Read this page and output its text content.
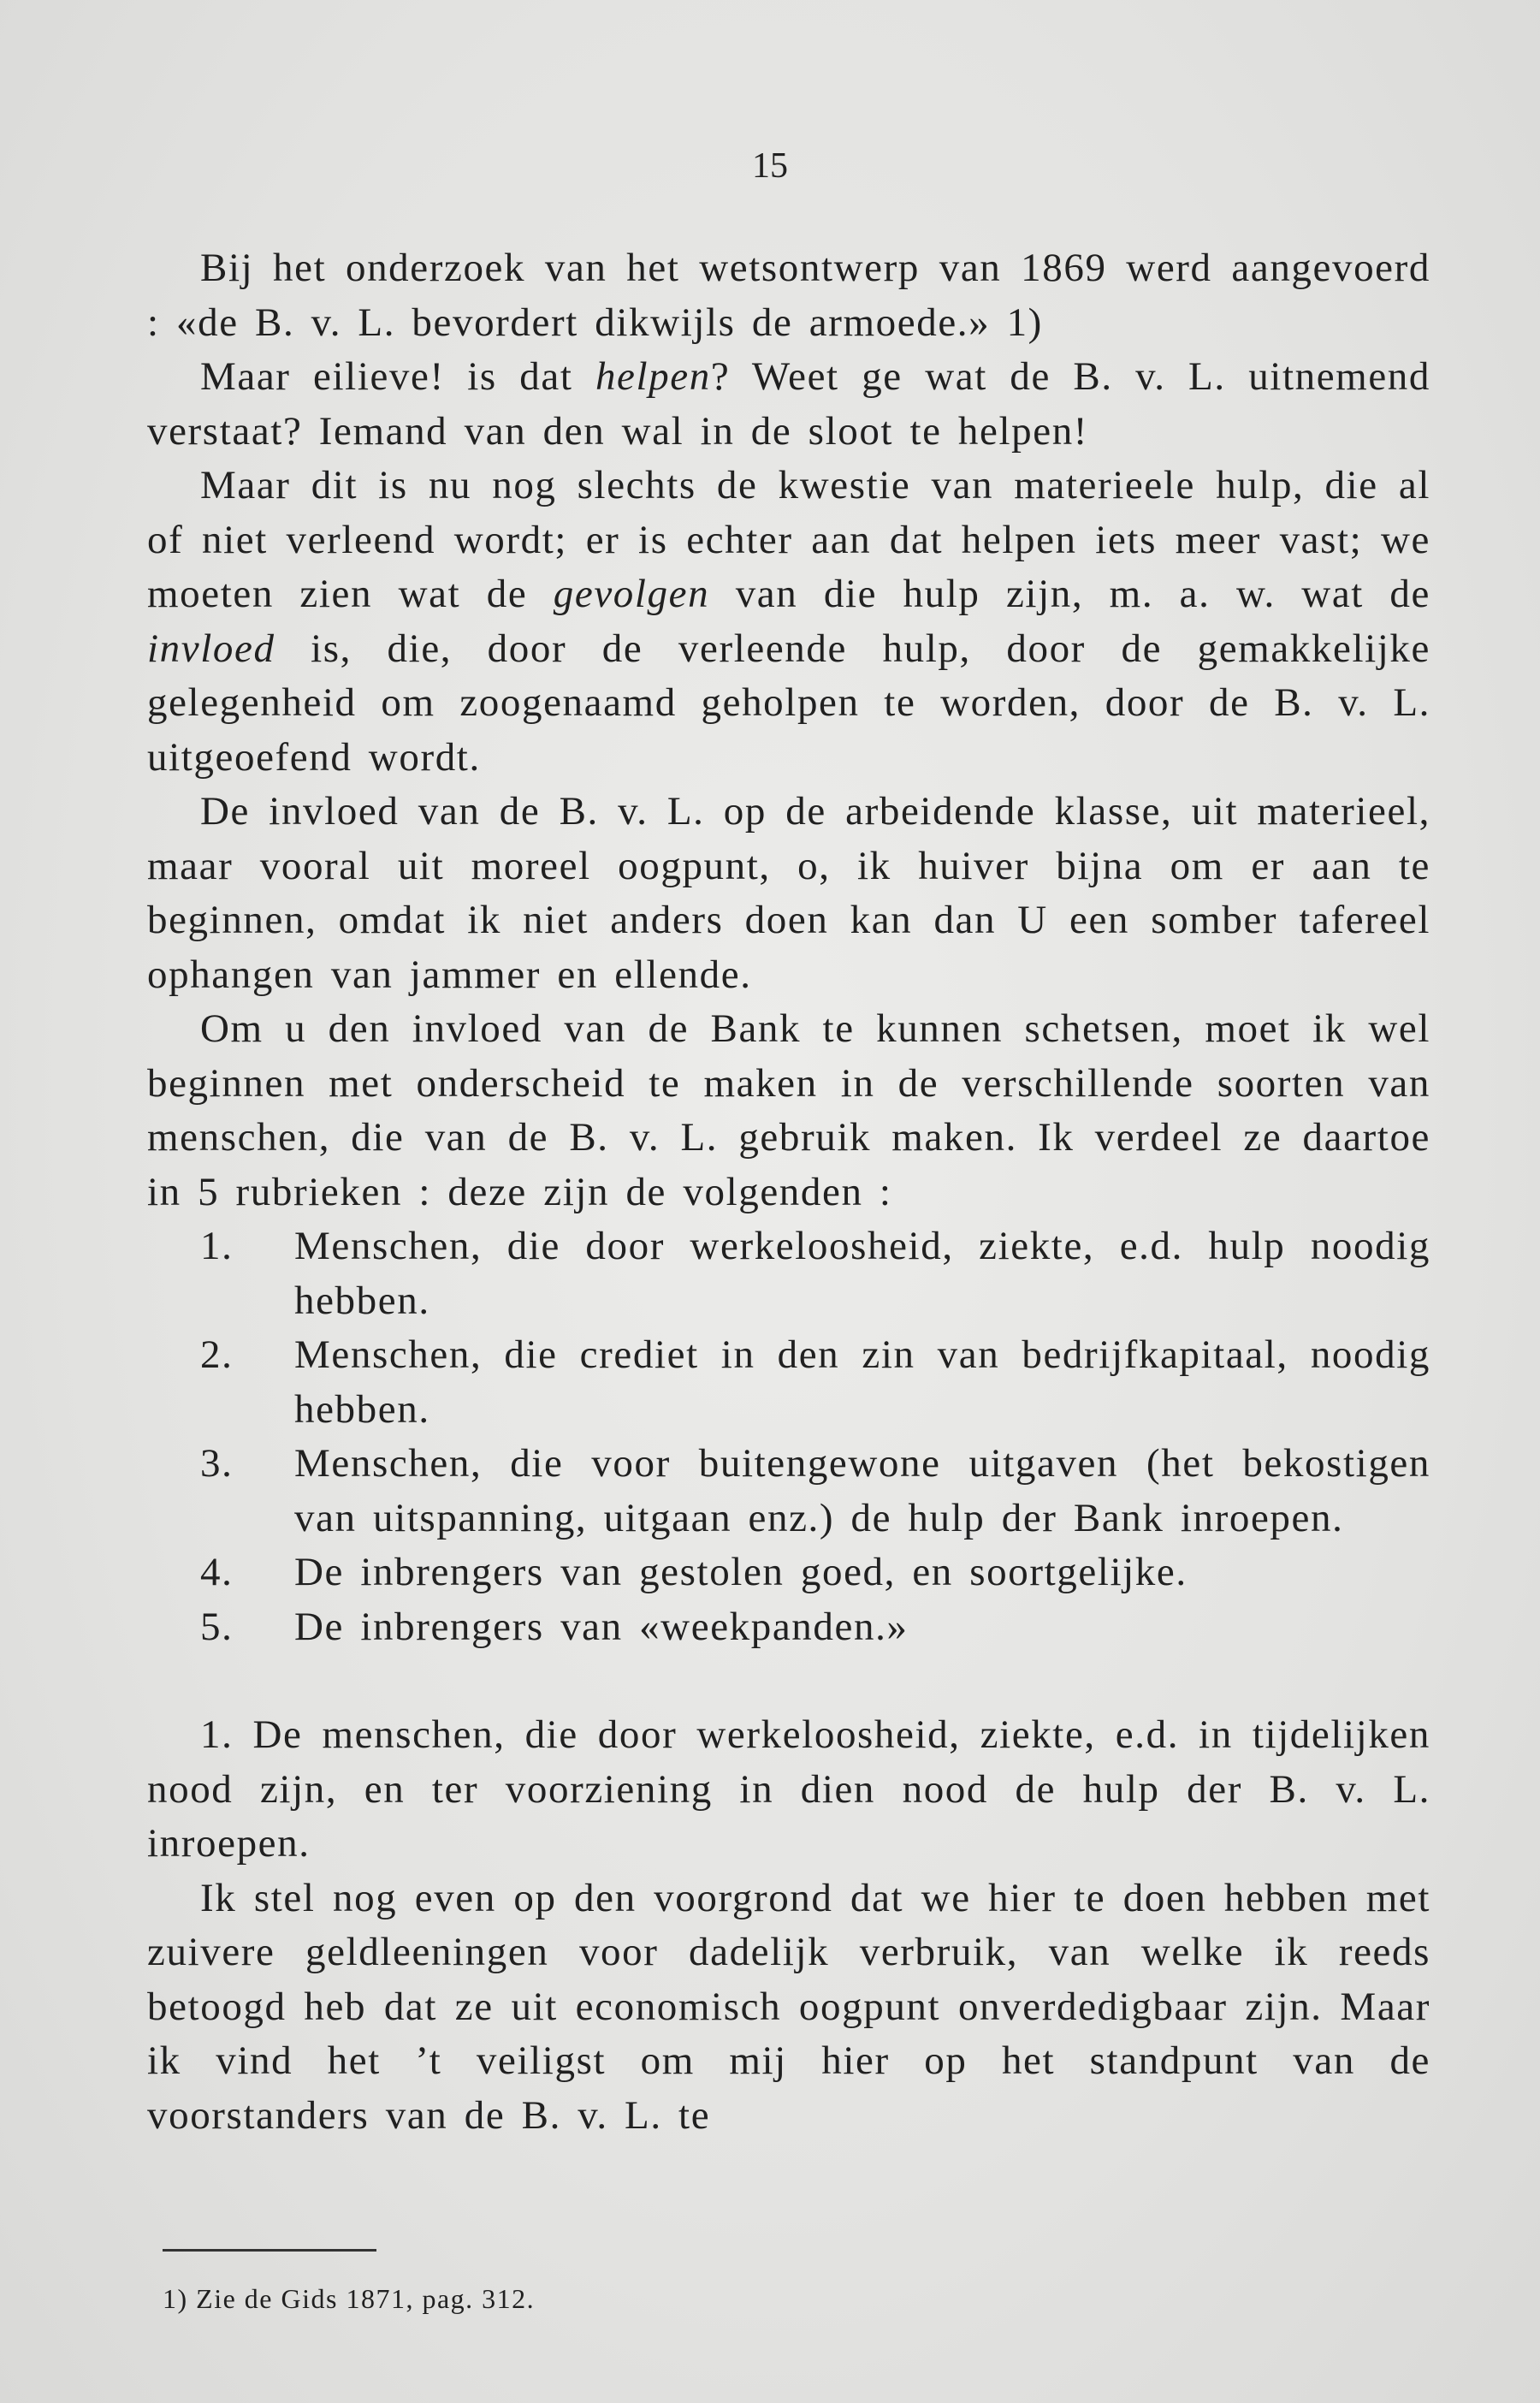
15

Bij het onderzoek van het wetsontwerp van 1869 werd aangevoerd : «de B. v. L. bevordert dikwijls de armoede.» 1)

Maar eilieve! is dat helpen? Weet ge wat de B. v. L. uitnemend verstaat? Iemand van den wal in de sloot te helpen!

Maar dit is nu nog slechts de kwestie van materieele hulp, die al of niet verleend wordt; er is echter aan dat helpen iets meer vast; we moeten zien wat de gevolgen van die hulp zijn, m. a. w. wat de invloed is, die, door de verleende hulp, door de gemakkelijke gelegenheid om zoogenaamd geholpen te worden, door de B. v. L. uitgeoefend wordt.

De invloed van de B. v. L. op de arbeidende klasse, uit materieel, maar vooral uit moreel oogpunt, o, ik huiver bijna om er aan te beginnen, omdat ik niet anders doen kan dan U een somber tafereel ophangen van jammer en ellende.

Om u den invloed van de Bank te kunnen schetsen, moet ik wel beginnen met onderscheid te maken in de verschillende soorten van menschen, die van de B. v. L. gebruik maken. Ik verdeel ze daartoe in 5 rubrieken : deze zijn de volgenden :

1.	Menschen, die door werkeloosheid, ziekte, e.d. hulp noodig hebben.
2.	Menschen, die crediet in den zin van bedrijfkapitaal, noodig hebben.
3.	Menschen, die voor buitengewone uitgaven (het bekostigen van uitspanning, uitgaan enz.) de hulp der Bank inroepen.
4.	De inbrengers van gestolen goed, en soortgelijke.
5.	De inbrengers van «weekpanden.»

1. De menschen, die door werkeloosheid, ziekte, e.d. in tijdelijken nood zijn, en ter voorziening in dien nood de hulp der B. v. L. inroepen.

Ik stel nog even op den voorgrond dat we hier te doen hebben met zuivere geldleeningen voor dadelijk verbruik, van welke ik reeds betoogd heb dat ze uit economisch oogpunt onverdedigbaar zijn. Maar ik vind het ’t veiligst om mij hier op het standpunt van de voorstanders van de B. v. L. te

1) Zie de Gids 1871, pag. 312.
